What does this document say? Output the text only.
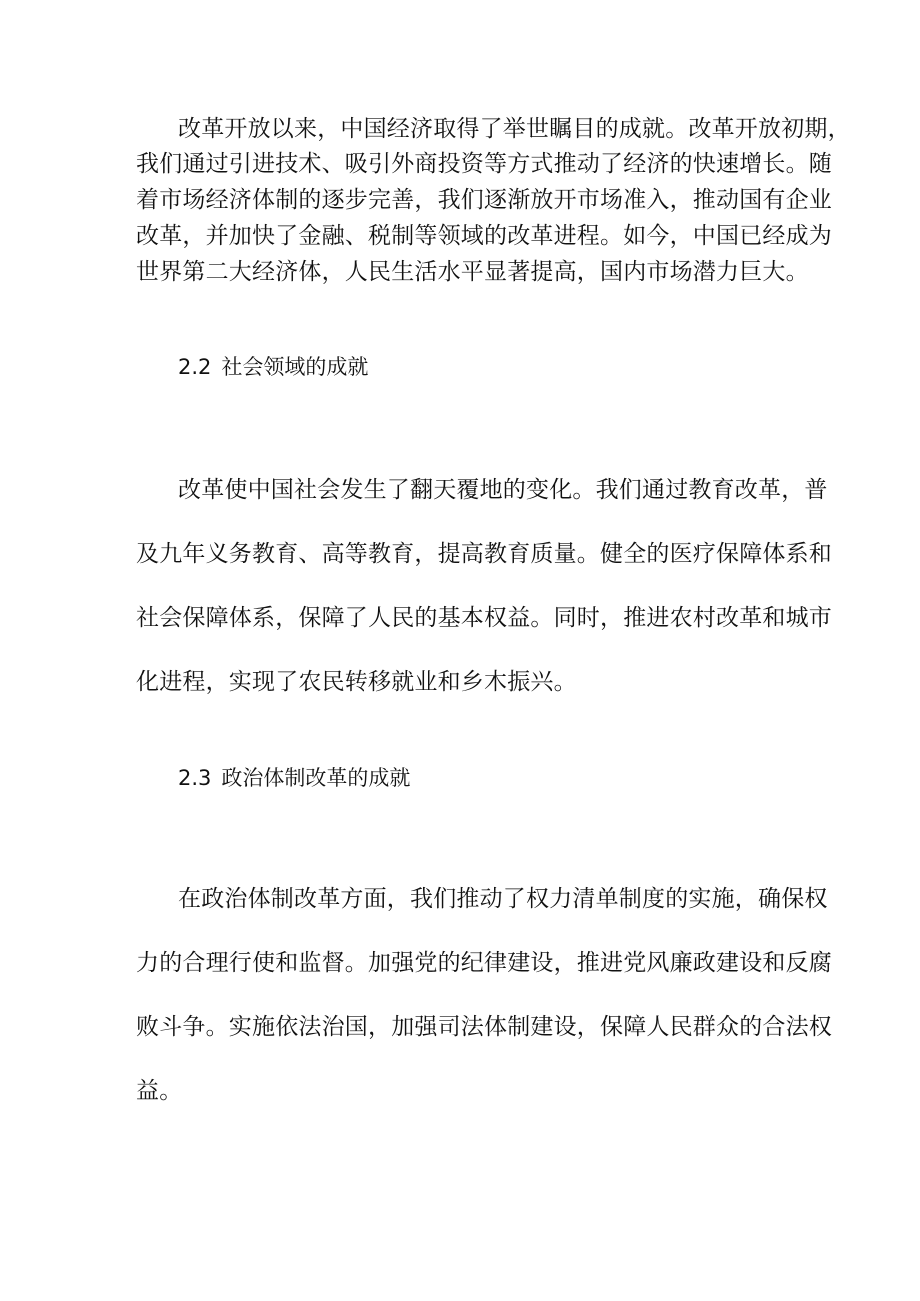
改革开放以来，中国经济取得了举世瞩目的成就。改革开放初期，
我们通过引进技术、吸引外商投资等方式推动了经济的快速增长。随
着市场经济体制的逐步完善，我们逐渐放开市场准入，推动国有企业
改革，并加快了金融、税制等领域的改革进程。如今，中国已经成为
世界第二大经济体，人民生活水平显著提高，国内市场潜力巨大。
2.2 社会领域的成就
改革使中国社会发生了翻天覆地的变化。我们通过教育改革，普
及九年义务教育、高等教育，提高教育质量。健全的医疗保障体系和
社会保障体系，保障了人民的基本权益。同时，推进农村改革和城市
化进程，实现了农民转移就业和乡木振兴。
2.3 政治体制改革的成就
在政治体制改革方面，我们推动了权力清单制度的实施，确保权
力的合理行使和监督。加强党的纪律建设，推进党风廉政建设和反腐
败斗争。实施依法治国，加强司法体制建设，保障人民群众的合法权
益。
